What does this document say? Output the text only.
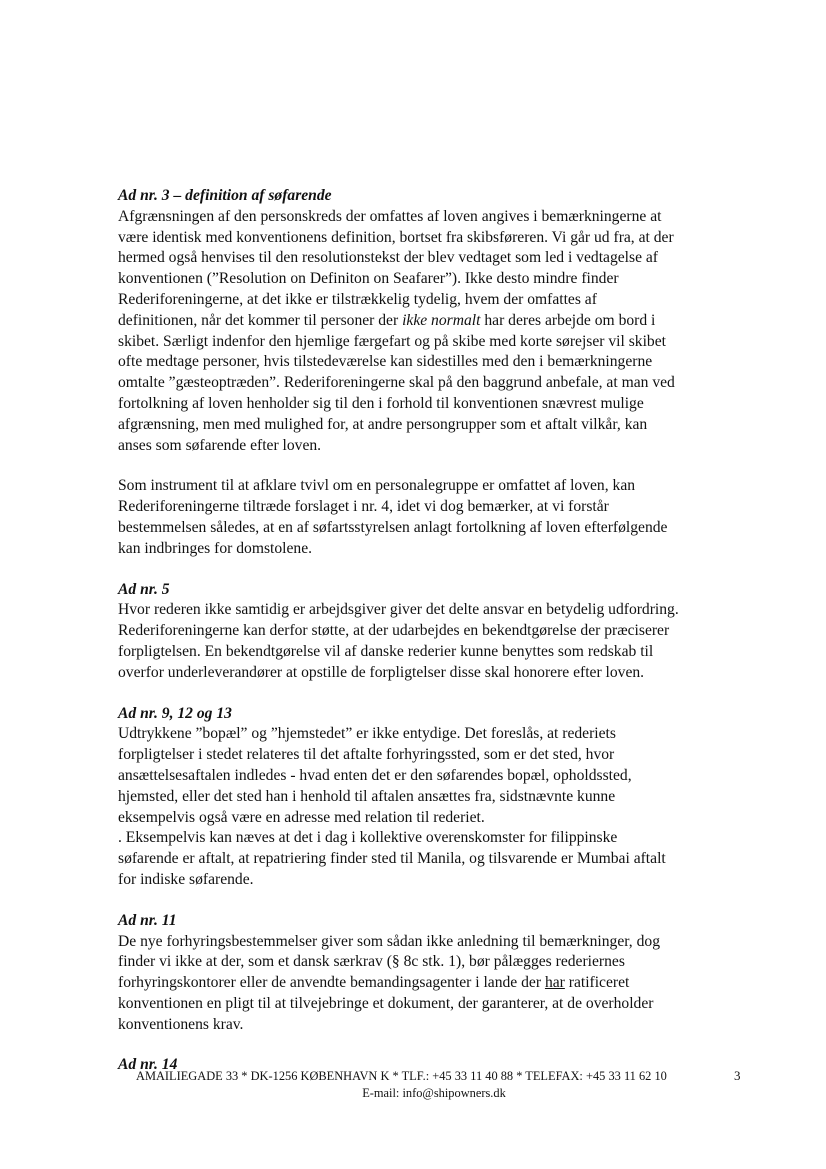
Ad nr. 3 – definition af søfarende
Afgrænsningen af den personskreds der omfattes af loven angives i bemærkningerne at
være identisk med konventionens definition, bortset fra skibsføreren. Vi går ud fra, at der
hermed også henvises til den resolutionstekst der blev vedtaget som led i vedtagelse af
konventionen (”Resolution on Definiton on Seafarer”). Ikke desto mindre finder
Rederiforeningerne, at det ikke er tilstrækkelig tydelig, hvem der omfattes af
definitionen, når det kommer til personer der ikke normalt har deres arbejde om bord i
skibet. Særligt indenfor den hjemlige færgefart og på skibe med korte sørejser vil skibet
ofte medtage personer, hvis tilstedeværelse kan sidestilles med den i bemærkningerne
omtalte ”gæsteoptræden”. Rederiforeningerne skal på den baggrund anbefale, at man ved
fortolkning af loven henholder sig til den i forhold til konventionen snævrest mulige
afgrænsning, men med mulighed for, at andre persongrupper som et aftalt vilkår, kan
anses som søfarende efter loven.
Som instrument til at afklare tvivl om en personalegruppe er omfattet af loven, kan
Rederiforeningerne tiltræde forslaget i nr. 4, idet vi dog bemærker, at vi forstår
bestemmelsen således, at en af søfartsstyrelsen anlagt fortolkning af loven efterfølgende
kan indbringes for domstolene.
Ad nr. 5
Hvor rederen ikke samtidig er arbejdsgiver giver det delte ansvar en betydelig udfordring.
Rederiforeningerne kan derfor støtte, at der udarbejdes en bekendtgørelse der præciserer
forpligtelsen. En bekendtgørelse vil af danske rederier kunne benyttes som redskab til
overfor underleverandører at opstille de forpligtelser disse skal honorere efter loven.
Ad nr. 9, 12 og 13
Udtrykkene ”bopæl” og ”hjemstedet” er ikke entydige. Det foreslås, at rederiets
forpligtelser i stedet relateres til det aftalte forhyringssted, som er det sted, hvor
ansættelsesaftalen indledes - hvad enten det er den søfarendes bopæl, opholdssted,
hjemsted, eller det sted han i henhold til aftalen ansættes fra, sidstnævnte kunne
eksempelvis også være en adresse med relation til rederiet.
. Eksempelvis kan næves at det i dag i kollektive overenskomster for filippinske
søfarende er aftalt, at repatriering finder sted til Manila, og tilsvarende er Mumbai aftalt
for indiske søfarende.
Ad nr. 11
De nye forhyringsbestemmelser giver som sådan ikke anledning til bemærkninger, dog
finder vi ikke at der, som et dansk særkrav (§ 8c stk. 1), bør pålægges rederiernes
forhyringskontorer eller de anvendte bemandingsagenter i lande der har ratificeret
konventionen en pligt til at tilvejebringe et dokument, der garanterer, at de overholder
konventionens krav.
Ad nr. 14
AMAILIEGADE 33 * DK-1256 KØBENHAVN K * TLF.: +45 33 11 40 88 * TELEFAX: +45 33 11 62 10	3
E-mail: info@shipowners.dk
